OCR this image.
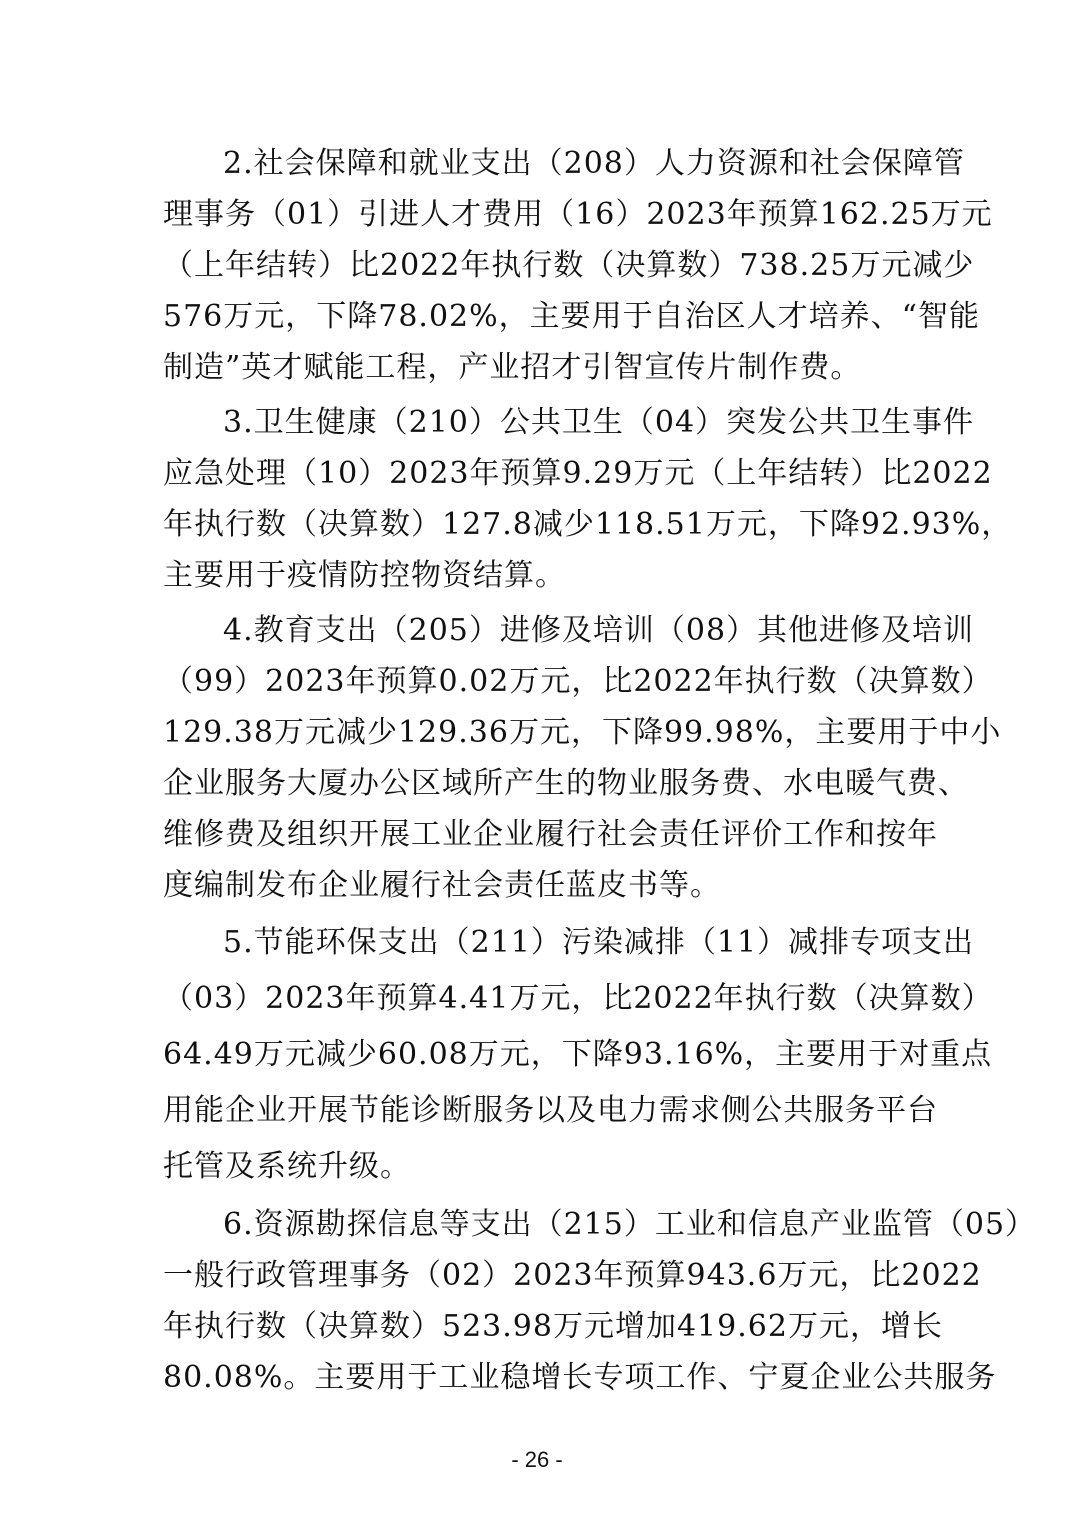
2.社会保障和就业支出（208）人力资源和社会保障管
理事务（01）引进人才费用（16）2023年预算162.25万元
（上年结转）比2022年执行数（决算数）738.25万元减少
576万元，下降78.02%，主要用于自治区人才培养、“智能
制造”英才赋能工程，产业招才引智宣传片制作费。

3.卫生健康（210）公共卫生（04）突发公共卫生事件
应急处理（10）2023年预算9.29万元（上年结转）比2022
年执行数（决算数）127.8减少118.51万元，下降92.93%，
主要用于疫情防控物资结算。

4.教育支出（205）进修及培训（08）其他进修及培训
（99）2023年预算0.02万元，比2022年执行数（决算数）
129.38万元减少129.36万元，下降99.98%，主要用于中小
企业服务大厦办公区域所产生的物业服务费、水电暖气费、
维修费及组织开展工业企业履行社会责任评价工作和按年
度编制发布企业履行社会责任蓝皮书等。

5.节能环保支出（211）污染减排（11）减排专项支出
（03）2023年预算4.41万元，比2022年执行数（决算数）
64.49万元减少60.08万元，下降93.16%，主要用于对重点
用能企业开展节能诊断服务以及电力需求侧公共服务平台
托管及系统升级。

6.资源勘探信息等支出（215）工业和信息产业监管（05）
一般行政管理事务（02）2023年预算943.6万元，比2022
年执行数（决算数）523.98万元增加419.62万元，增长
80.08%。主要用于工业稳增长专项工作、宁夏企业公共服务

- 26 -
